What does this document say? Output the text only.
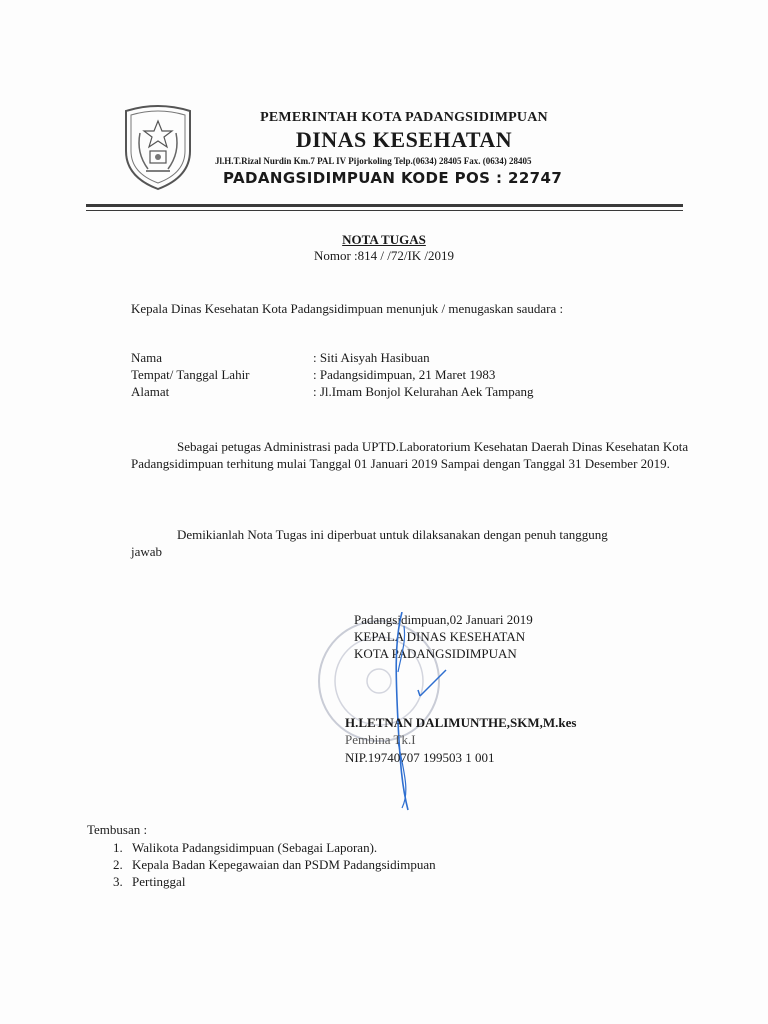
PEMERINTAH KOTA PADANGSIDIMPUAN
DINAS KESEHATAN
Jl.H.T.Rizal Nurdin Km.7 PAL IV Pijorkoling Telp.(0634) 28405 Fax. (0634) 28405
PADANGSIDIMPUAN KODE POS : 22747
NOTA TUGAS
Nomor :814 / /72/IK /2019
Kepala Dinas Kesehatan Kota Padangsidimpuan menunjuk / menugaskan saudara :
Nama	: Siti Aisyah Hasibuan
Tempat/ Tanggal Lahir	: Padangsidimpuan, 21 Maret 1983
Alamat	: Jl.Imam Bonjol Kelurahan Aek Tampang
Sebagai petugas Administrasi pada UPTD.Laboratorium Kesehatan Daerah Dinas Kesehatan Kota Padangsidimpuan terhitung mulai Tanggal 01 Januari 2019 Sampai dengan Tanggal 31 Desember 2019.
Demikianlah Nota Tugas ini diperbuat untuk dilaksanakan dengan penuh tanggung jawab
Padangsidimpuan,02 Januari 2019
KEPALA DINAS KESEHATAN
KOTA PADANGSIDIMPUAN
H.LETNAN DALIMUNTHE,SKM,M.kes
Pembina Tk.I
NIP.19740707 199503 1 001
Tembusan :
1. Walikota Padangsidimpuan (Sebagai Laporan).
2. Kepala Badan Kepegawaian dan PSDM Padangsidimpuan
3. Pertinggal
